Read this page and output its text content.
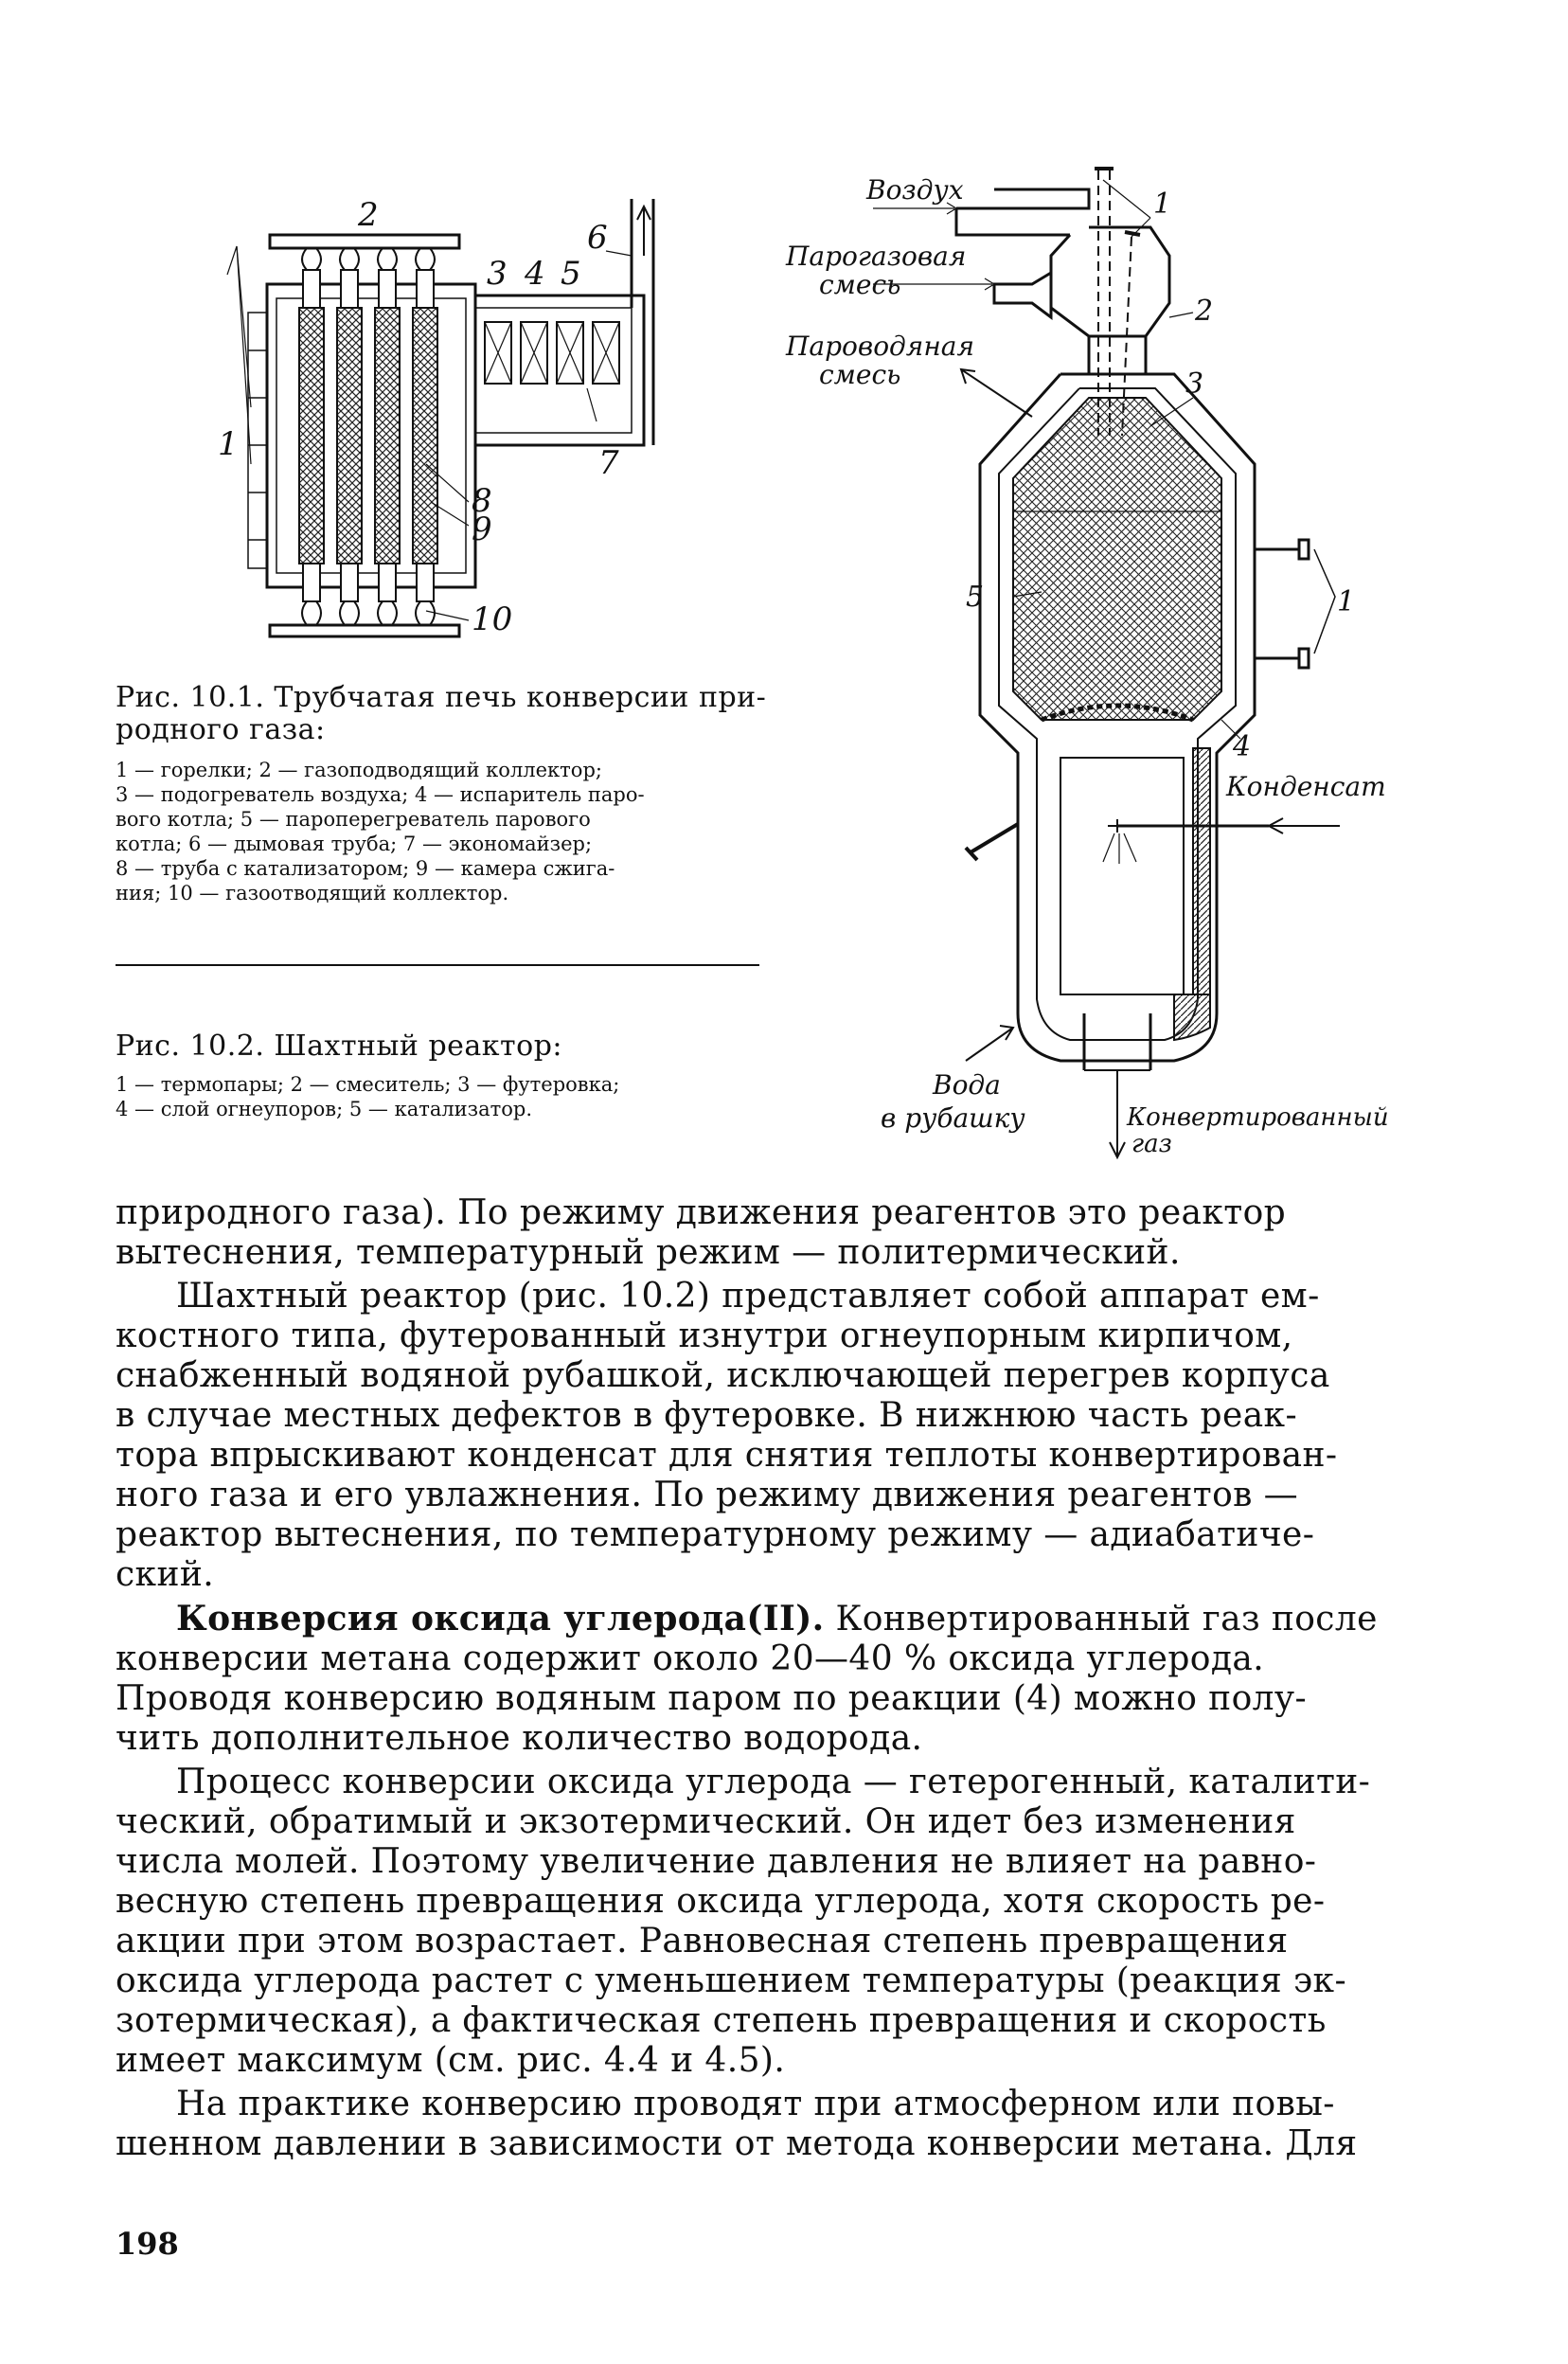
2
6
3 4 5
1	7
8
9
10
Рис. 10.1. Трубчатая печь конверсии при-
родного газа:
1 — горелки; 2 — газоподводящий коллектор;
3 — подогреватель воздуха; 4 — испаритель паро-
вого котла; 5 — пароперегреватель парового
котла; 6 — дымовая труба; 7 — экономайзер;
8 — труба с катализатором; 9 — камера сжига-
ния; 10 — газоотводящий коллектор.
Рис. 10.2. Шахтный реактор:
1 — термопары; 2 — смеситель; 3 — футеровка;
4 — слой огнеупоров; 5 — катализатор.
Воздух
Парогазовая
смесь
Пароводяная
смесь
Конденсат
Вода
в рубашку	Конвертированный
газ
1
2
3
5	1
4
природного газа). По режиму движения реагентов это реактор
вытеснения, температурный режим — политермический.
Шахтный реактор (рис. 10.2) представляет собой аппарат ем-
костного типа, футерованный изнутри огнеупорным кирпичом,
снабженный водяной рубашкой, исключающей перегрев корпуса
в случае местных дефектов в футеровке. В нижнюю часть реак-
тора впрыскивают конденсат для снятия теплоты конвертирован-
ного газа и его увлажнения. По режиму движения реагентов —
реактор вытеснения, по температурному режиму — адиабатиче-
ский.
Конверсия оксида углерода(II). Конвертированный газ после
конверсии метана содержит около 20—40 % оксида углерода.
Проводя конверсию водяным паром по реакции (4) можно полу-
чить дополнительное количество водорода.
Процесс конверсии оксида углерода — гетерогенный, каталити-
ческий, обратимый и экзотермический. Он идет без изменения
числа молей. Поэтому увеличение давления не влияет на равно-
весную степень превращения оксида углерода, хотя скорость ре-
акции при этом возрастает. Равновесная степень превращения
оксида углерода растет с уменьшением температуры (реакция эк-
зотермическая), а фактическая степень превращения и скорость
имеет максимум (см. рис. 4.4 и 4.5).
На практике конверсию проводят при атмосферном или повы-
шенном давлении в зависимости от метода конверсии метана. Для
198
